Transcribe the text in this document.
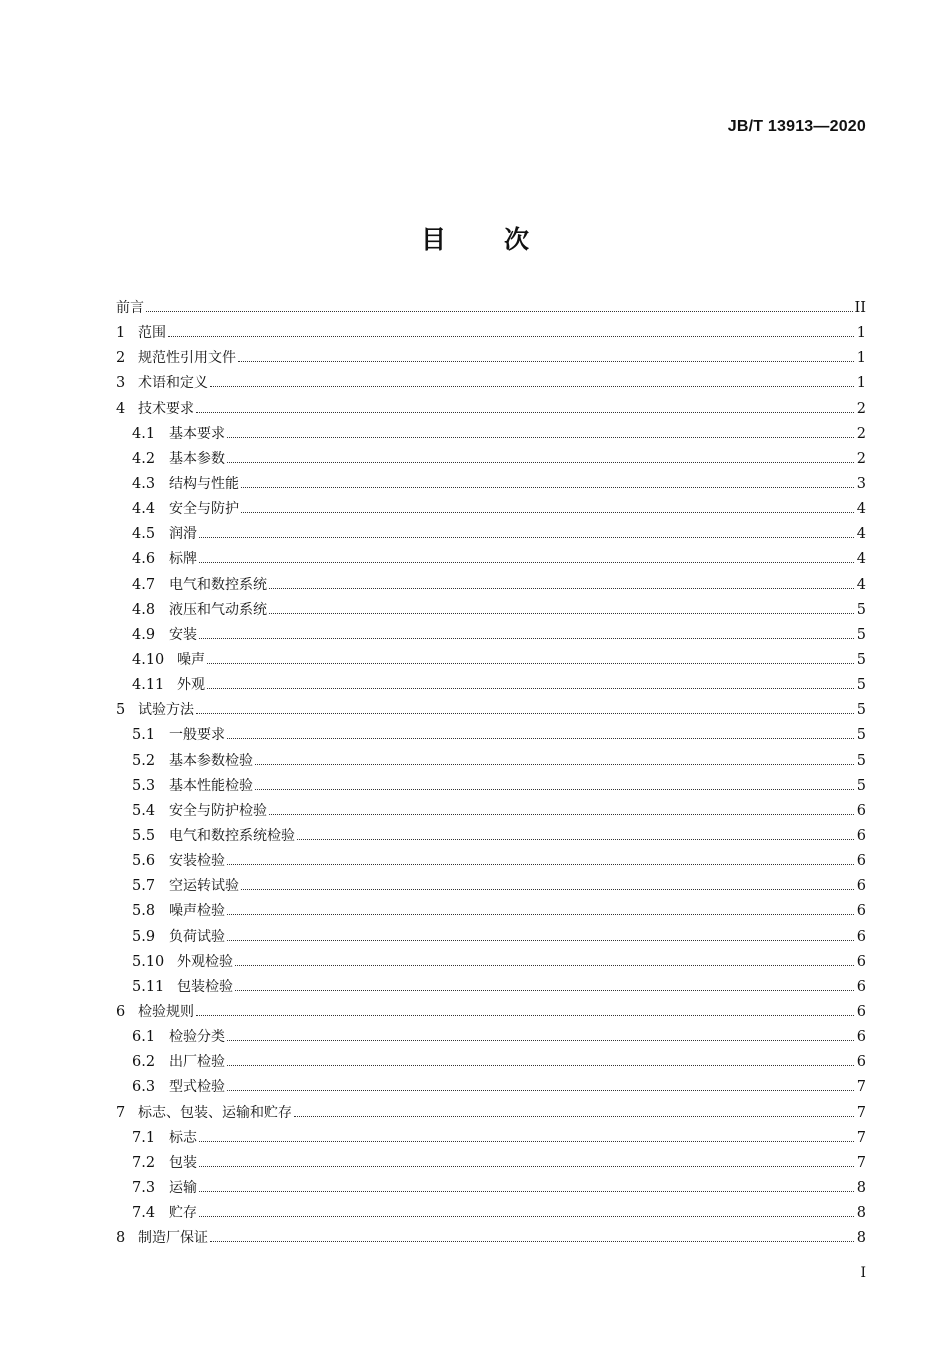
JB/T 13913—2020
目 次
前言	II
1 范围	1
2 规范性引用文件	1
3 术语和定义	1
4 技术要求	2
4.1 基本要求	2
4.2 基本参数	2
4.3 结构与性能	3
4.4 安全与防护	4
4.5 润滑	4
4.6 标牌	4
4.7 电气和数控系统	4
4.8 液压和气动系统	5
4.9 安装	5
4.10 噪声	5
4.11 外观	5
5 试验方法	5
5.1 一般要求	5
5.2 基本参数检验	5
5.3 基本性能检验	5
5.4 安全与防护检验	6
5.5 电气和数控系统检验	6
5.6 安装检验	6
5.7 空运转试验	6
5.8 噪声检验	6
5.9 负荷试验	6
5.10 外观检验	6
5.11 包装检验	6
6 检验规则	6
6.1 检验分类	6
6.2 出厂检验	6
6.3 型式检验	7
7 标志、包装、运输和贮存	7
7.1 标志	7
7.2 包装	7
7.3 运输	8
7.4 贮存	8
8 制造厂保证	8
I
